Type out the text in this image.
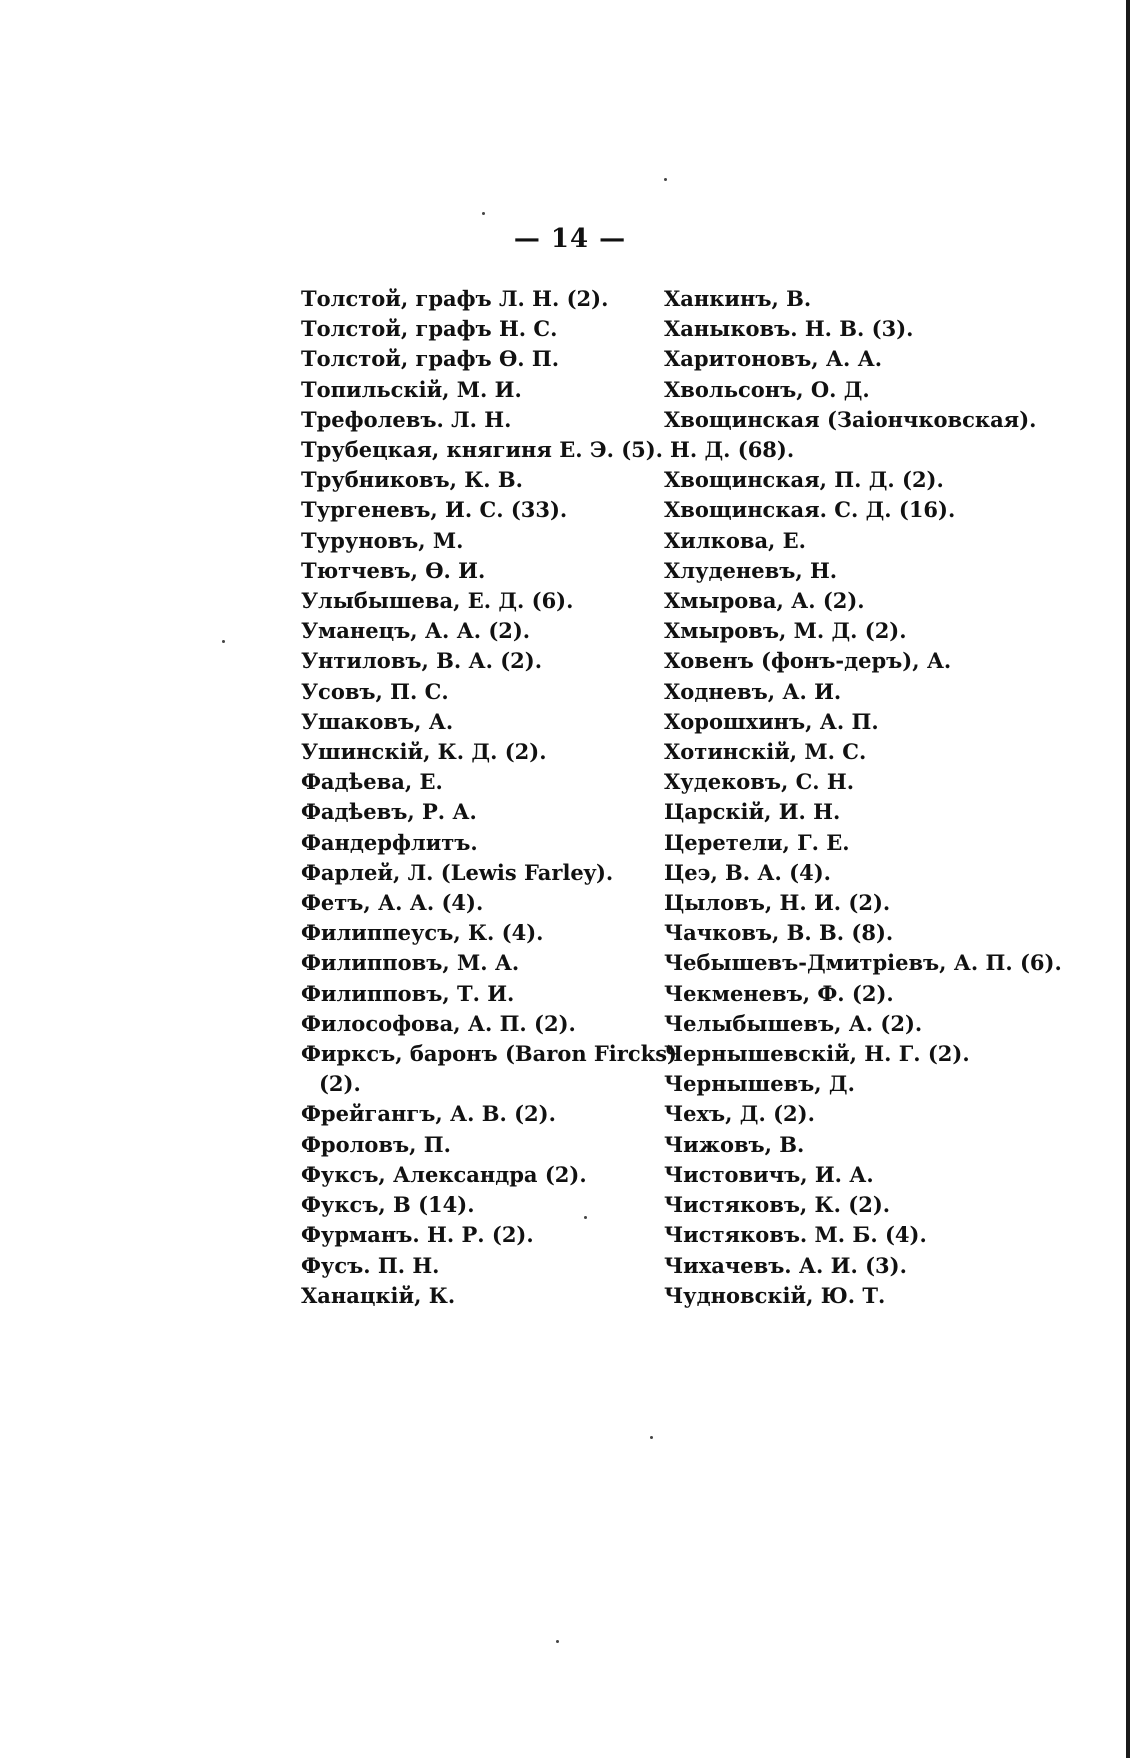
— 14 —
Толстой, графъ Л. Н. (2).
Толстой, графъ Н. С.
Толстой, графъ Ѳ. П.
Топильскій, М. И.
Трефолевъ. Л. Н.
Трубецкая, княгиня Е. Э. (5).
Трубниковъ, К. В.
Тургеневъ, И. С. (33).
Туруновъ, М.
Тютчевъ, Ѳ. И.
Улыбышева, Е. Д. (6).
Уманецъ, А. А. (2).
Унтиловъ, В. А. (2).
Усовъ, П. С.
Ушаковъ, А.
Ушинскій, К. Д. (2).
Фадѣева, Е.
Фадѣевъ, Р. А.
Фандерфлитъ.
Фарлей, Л. (Lewis Farley).
Фетъ, А. А. (4).
Филиппеусъ, К. (4).
Филипповъ, М. А.
Филипповъ, Т. И.
Философова, А. П. (2).
Фирксъ, баронъ (Baron Fircks)
(2).
Фрейгангъ, А. В. (2).
Фроловъ, П.
Фуксъ, Александра (2).
Фуксъ, В (14).
Фурманъ. Н. Р. (2).
Фусъ. П. Н.
Ханацкій, К.
Ханкинъ, В.
Ханыковъ. Н. В. (3).
Харитоновъ, А. А.
Хвольсонъ, О. Д.
Хвощинская (Заіончковская).
Н. Д. (68).
Хвощинская, П. Д. (2).
Хвощинская. С. Д. (16).
Хилкова, Е.
Хлуденевъ, Н.
Хмырова, А. (2).
Хмыровъ, М. Д. (2).
Ховенъ (фонъ-деръ), А.
Ходневъ, А. И.
Хорошхинъ, А. П.
Хотинскій, М. С.
Худековъ, С. Н.
Царскій, И. Н.
Церетели, Г. Е.
Цеэ, В. А. (4).
Цыловъ, Н. И. (2).
Чачковъ, В. В. (8).
Чебышевъ-Дмитріевъ, А. П. (6).
Чекменевъ, Ф. (2).
Челыбышевъ, А. (2).
Чернышевскій, Н. Г. (2).
Чернышевъ, Д.
Чехъ, Д. (2).
Чижовъ, В.
Чистовичъ, И. А.
Чистяковъ, К. (2).
Чистяковъ. М. Б. (4).
Чихачевъ. А. И. (3).
Чудновскій, Ю. Т.
